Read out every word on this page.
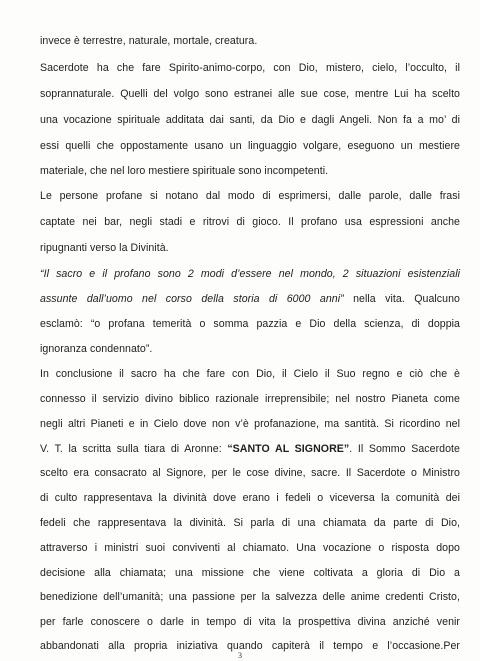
invece è terrestre, naturale, mortale, creatura.
Sacerdote ha che fare Spirito-animo-corpo, con Dio, mistero, cielo, l’occulto, il
soprannaturale. Quelli del volgo sono estranei alle sue cose, mentre Lui ha scelto
una vocazione spirituale additata dai santi, da Dio e dagli Angeli. Non fa a mo’ di
essi quelli che oppostamente usano un linguaggio volgare, eseguono un mestiere
materiale, che nel loro mestiere spirituale sono incompetenti.
Le persone profane si notano dal modo di esprimersi, dalle parole, dalle frasi
captate nei bar, negli stadi e ritrovi di gioco. Il profano usa espressioni anche
ripugnanti verso la Divinità.
“Il sacro e il profano sono 2 modi d’essere nel mondo, 2 situazioni esistenziali
assunte dall’uomo nel corso della storia di 6000 anni” nella vita. Qualcuno
esclamò: “o profana temerità o somma pazzia e Dio della scienza, di doppia
ignoranza condennato”.
In conclusione il sacro ha che fare con Dio, il Cielo il Suo regno e ciò che è
connesso il servizio divino biblico razionale irreprensibile; nel nostro Pianeta come
negli altri Pianeti e in Cielo dove non v’è profanazione, ma santità. Si ricordino nel
V. T. la scritta sulla tiara di Aronne: “SANTO AL SIGNORE”. Il Sommo Sacerdote
scelto era consacrato al Signore, per le cose divine, sacre. Il Sacerdote o Ministro
di culto rappresentava la divinità dove erano i fedeli o viceversa la comunità dei
fedeli che rappresentava la divinità. Si parla di una chiamata da parte di Dio,
attraverso i ministri suoi conviventi al chiamato. Una vocazione o risposta dopo
decisione alla chiamata; una missione che viene coltivata a gloria di Dio a
benedizione dell’umanità; una passione per la salvezza delle anime credenti Cristo,
per farle conoscere o darle in tempo di vita la prospettiva divina anziché venir
abbandonati alla propria iniziativa quando capiterà il tempo e l’occasione.Per
3
